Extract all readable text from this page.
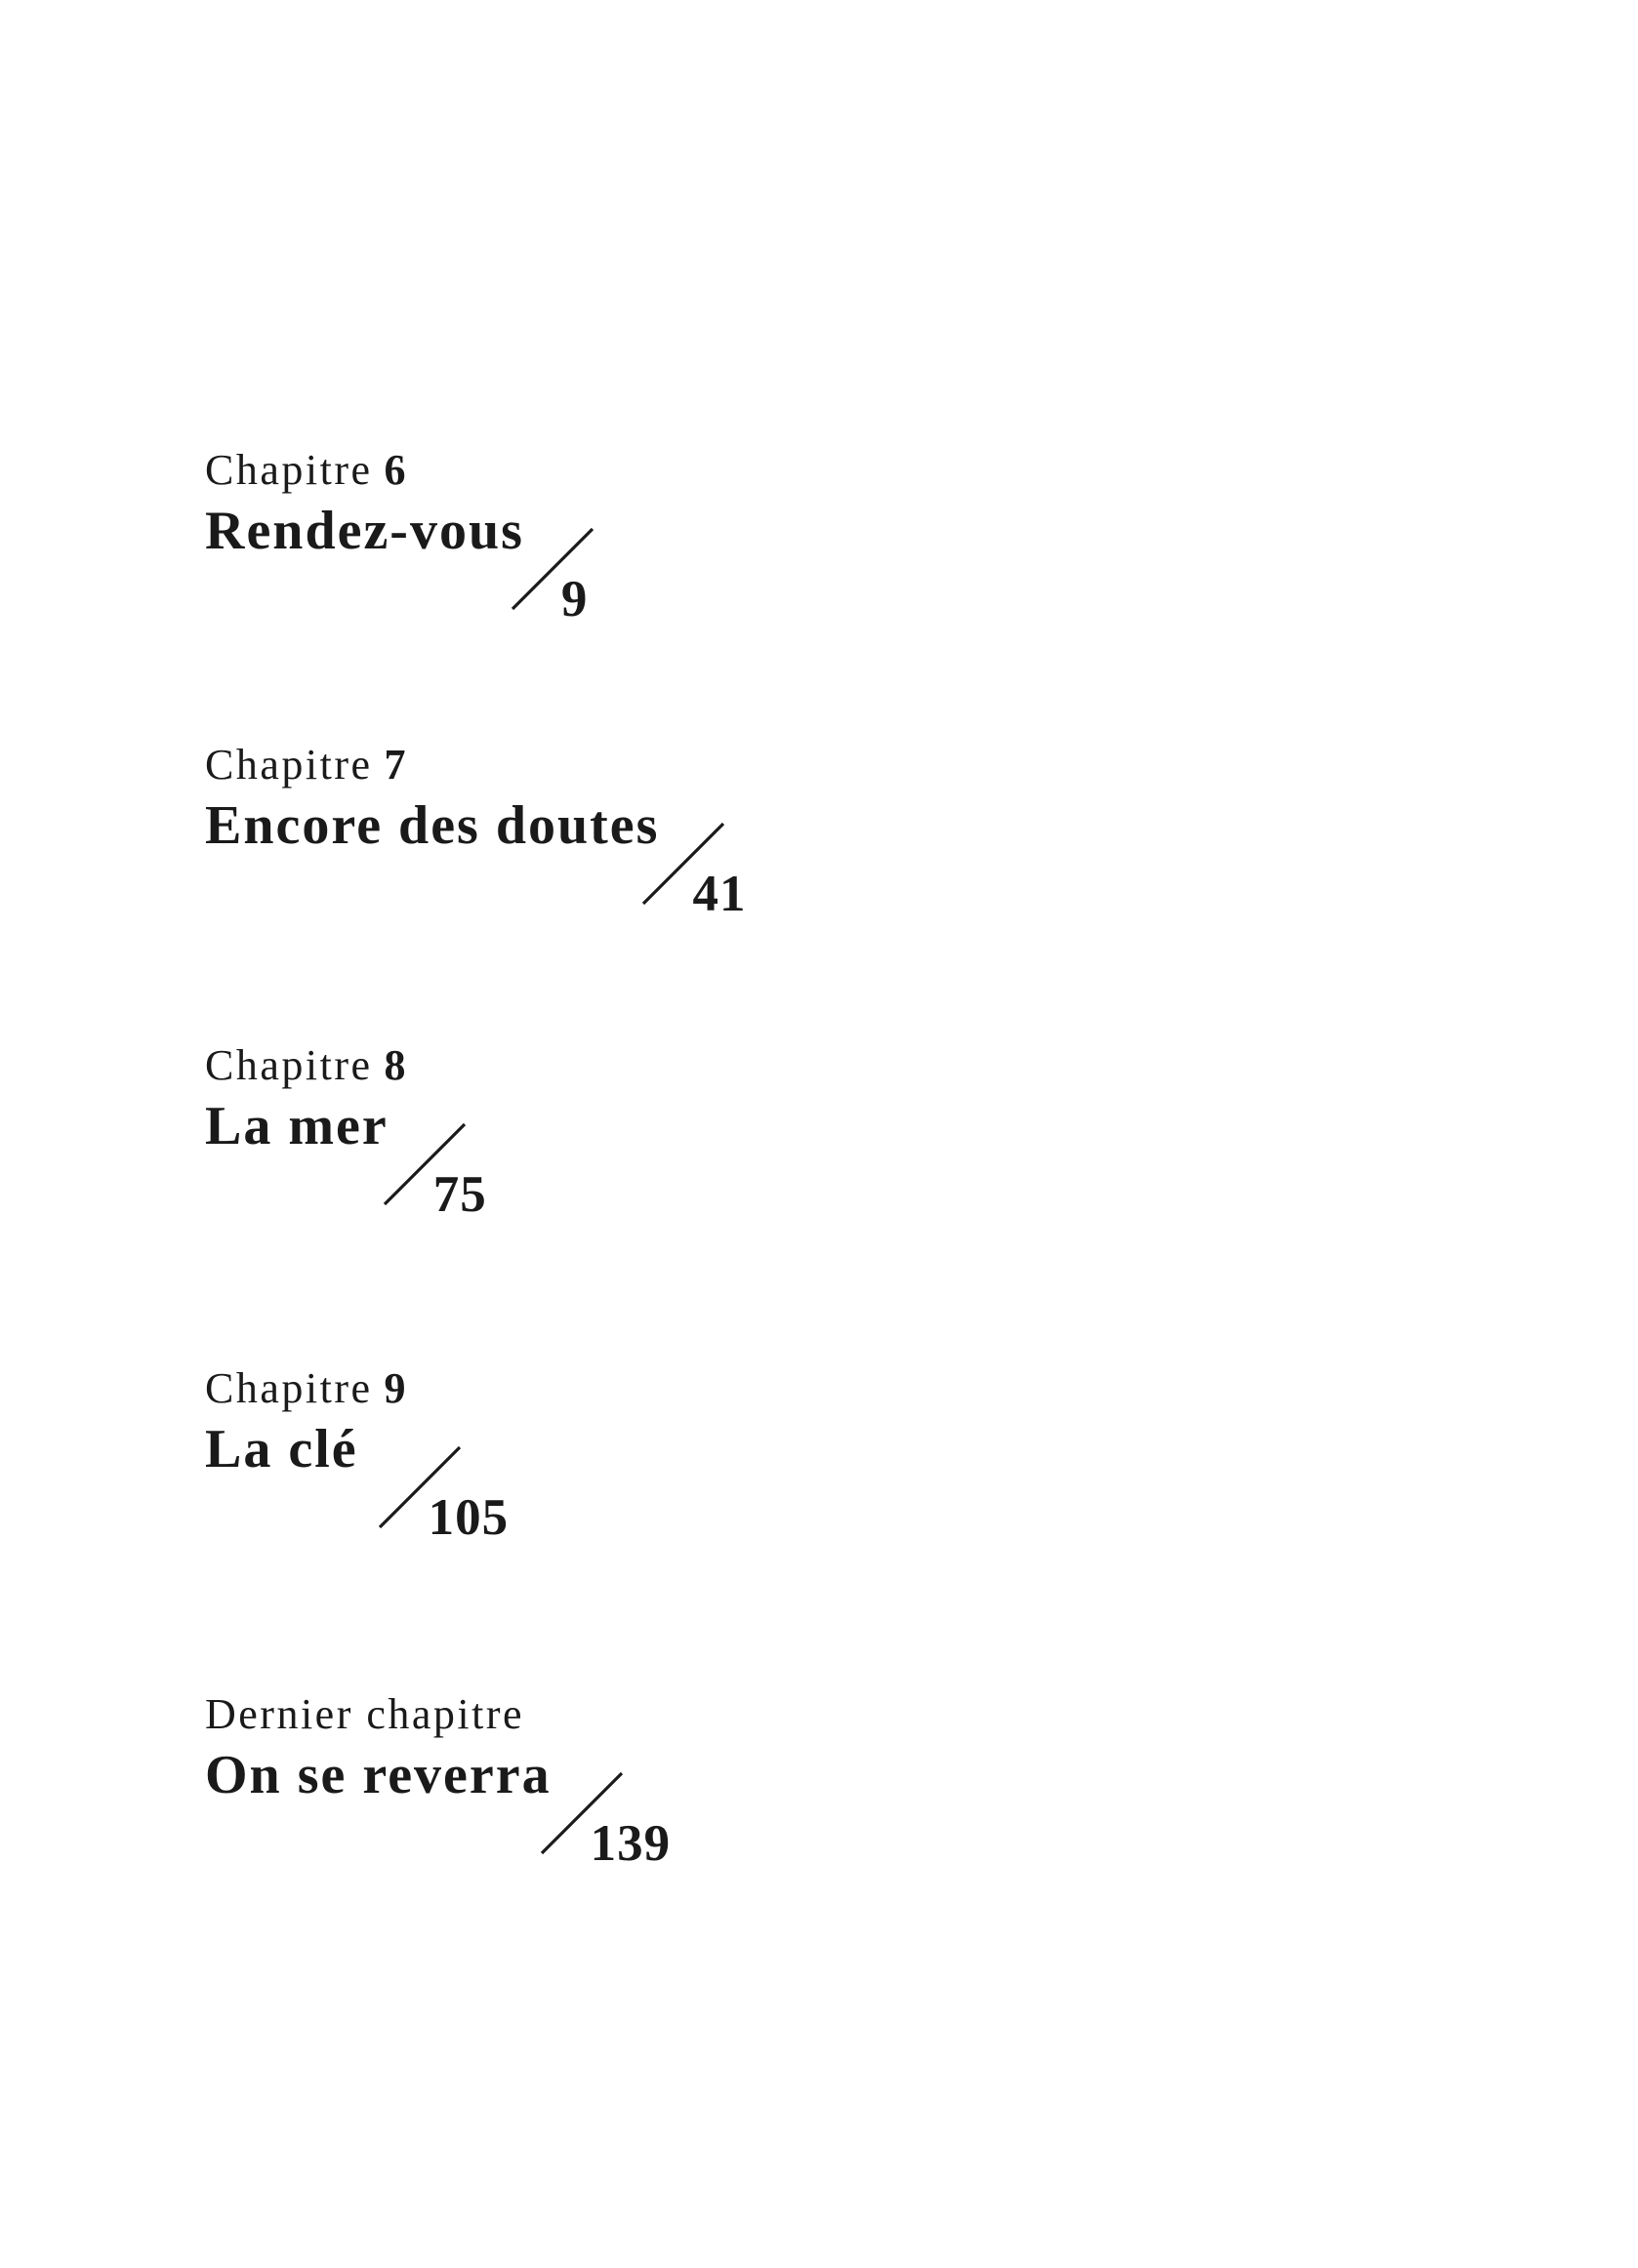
Chapitre 6
Rendez-vous
9
Chapitre 7
Encore des doutes
41
Chapitre 8
La mer
75
Chapitre 9
La clé
105
Dernier chapitre
On se reverra
139
